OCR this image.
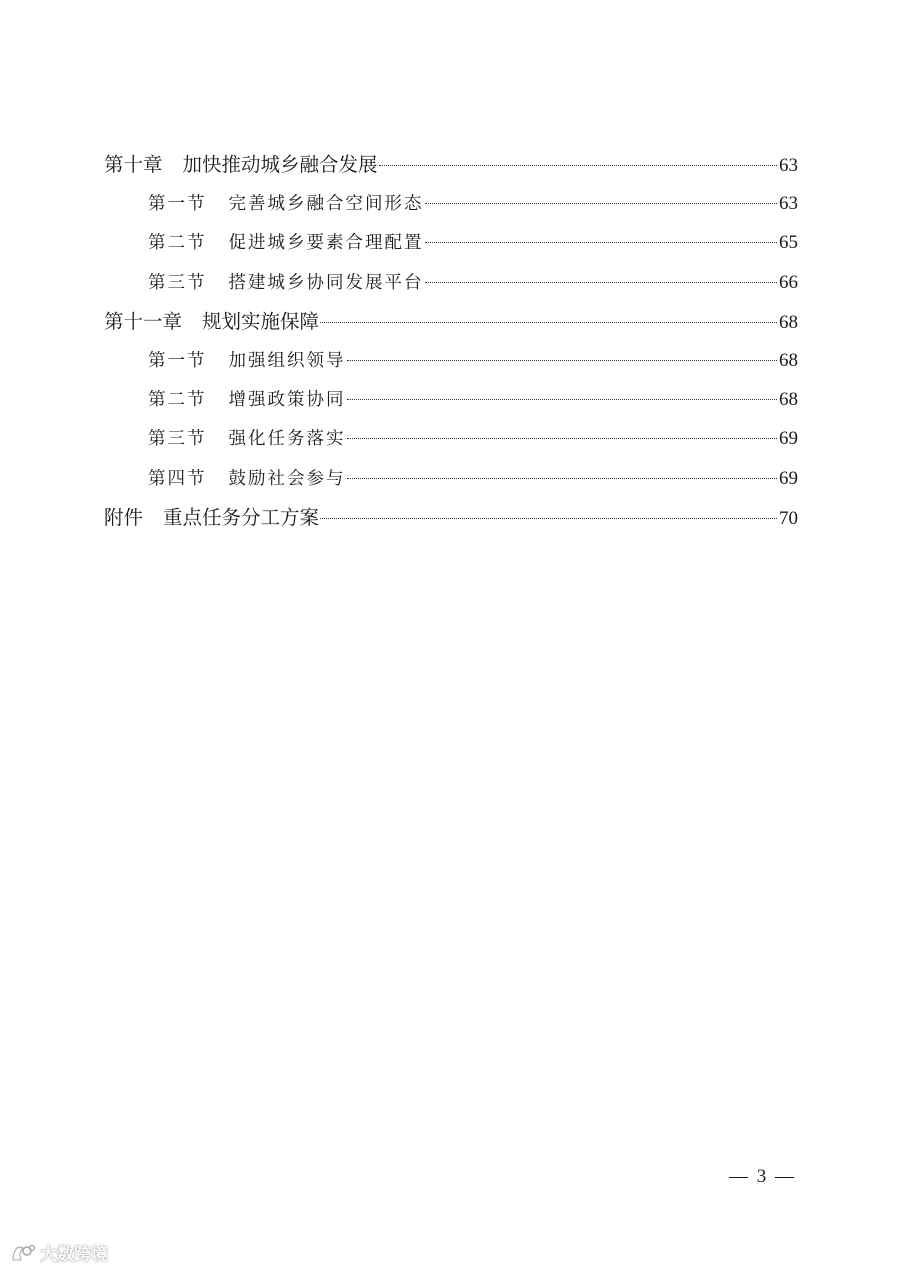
第十章 加快推动城乡融合发展	63
第一节 完善城乡融合空间形态	63
第二节 促进城乡要素合理配置	65
第三节 搭建城乡协同发展平台	66
第十一章 规划实施保障	68
第一节 加强组织领导	68
第二节 增强政策协同	68
第三节 强化任务落实	69
第四节 鼓励社会参与	69
附件 重点任务分工方案	70
— 3 —
大数跨境
